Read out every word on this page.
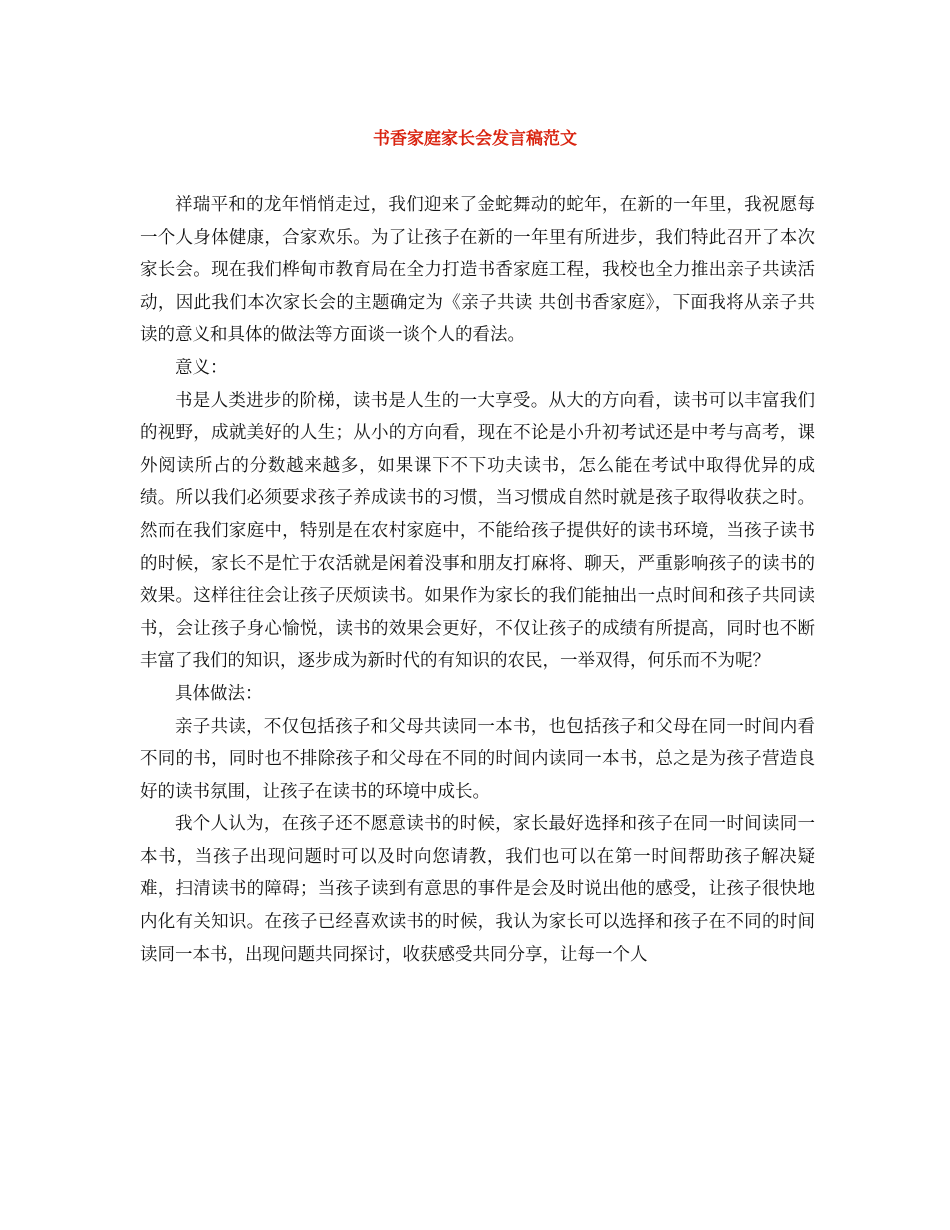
书香家庭家长会发言稿范文

祥瑞平和的龙年悄悄走过，我们迎来了金蛇舞动的蛇年，在新的一年里，我祝愿每一个人身体健康，合家欢乐。为了让孩子在新的一年里有所进步，我们特此召开了本次家长会。现在我们桦甸市教育局在全力打造书香家庭工程，我校也全力推出亲子共读活动，因此我们本次家长会的主题确定为《亲子共读 共创书香家庭》，下面我将从亲子共读的意义和具体的做法等方面谈一谈个人的看法。

意义：

书是人类进步的阶梯，读书是人生的一大享受。从大的方向看，读书可以丰富我们的视野，成就美好的人生；从小的方向看，现在不论是小升初考试还是中考与高考，课外阅读所占的分数越来越多，如果课下不下功夫读书，怎么能在考试中取得优异的成绩。所以我们必须要求孩子养成读书的习惯，当习惯成自然时就是孩子取得收获之时。然而在我们家庭中，特别是在农村家庭中，不能给孩子提供好的读书环境，当孩子读书的时候，家长不是忙于农活就是闲着没事和朋友打麻将、聊天，严重影响孩子的读书的效果。这样往往会让孩子厌烦读书。如果作为家长的我们能抽出一点时间和孩子共同读书，会让孩子身心愉悦，读书的效果会更好，不仅让孩子的成绩有所提高，同时也不断丰富了我们的知识，逐步成为新时代的有知识的农民，一举双得，何乐而不为呢？

具体做法：

亲子共读，不仅包括孩子和父母共读同一本书，也包括孩子和父母在同一时间内看不同的书，同时也不排除孩子和父母在不同的时间内读同一本书，总之是为孩子营造良好的读书氛围，让孩子在读书的环境中成长。

我个人认为，在孩子还不愿意读书的时候，家长最好选择和孩子在同一时间读同一本书，当孩子出现问题时可以及时向您请教，我们也可以在第一时间帮助孩子解决疑难，扫清读书的障碍；当孩子读到有意思的事件是会及时说出他的感受，让孩子很快地内化有关知识。在孩子已经喜欢读书的时候，我认为家长可以选择和孩子在不同的时间读同一本书，出现问题共同探讨，收获感受共同分享，让每一个人
